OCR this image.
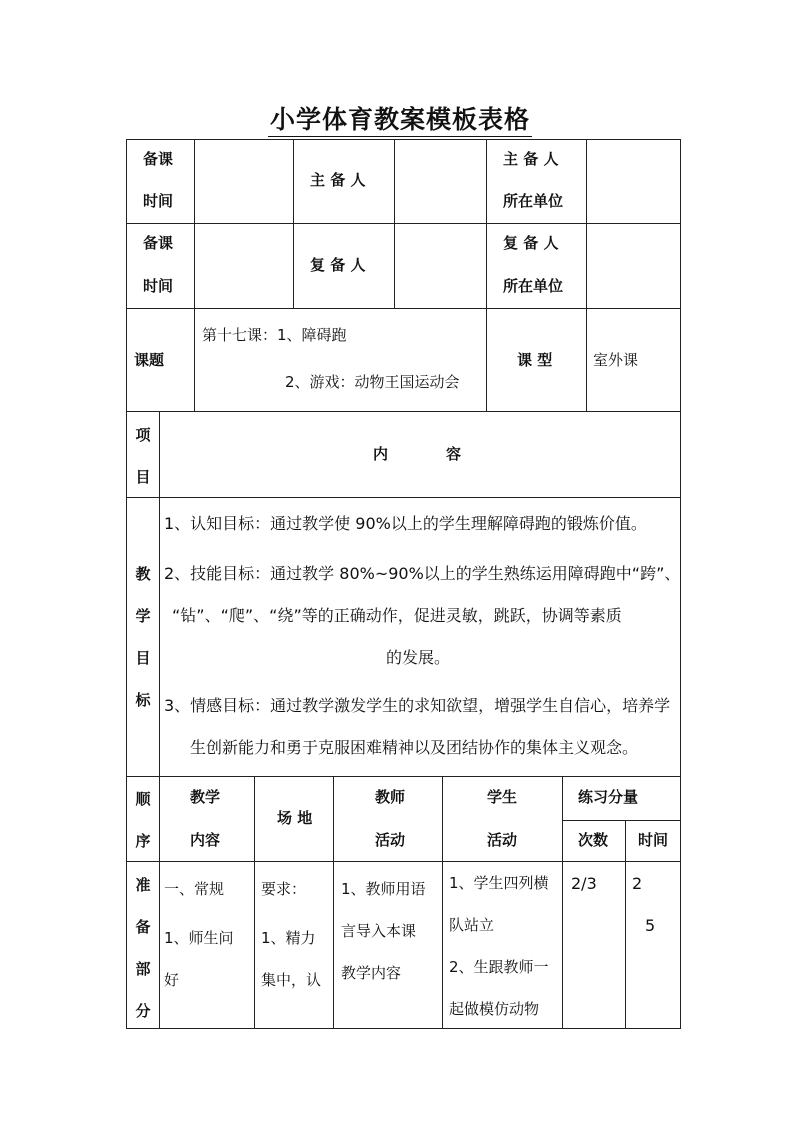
小学体育教案模板表格
备课
时间
主 备 人
主 备 人
所在单位
备课
时间
复 备 人
复 备 人
所在单位
课题
第十七课：1、障碍跑
2、游戏：动物王国运动会
课 型	室外课
项
目
内	容
教
学
目
标
1、认知目标：通过教学使 90%以上的学生理解障碍跑的锻炼价值。
2、技能目标：通过教学 80%~90%以上的学生熟练运用障碍跑中“跨”、
“钻”、“爬”、“绕”等的正确动作，促进灵敏，跳跃，协调等素质
的发展。
3、情感目标：通过教学激发学生的求知欲望，增强学生自信心，培养学
生创新能力和勇于克服困难精神以及团结协作的集体主义观念。
顺
序
教学
内容
场 地
教师
活动
学生
活动
练习分量
次数 时间
准
备
部
分
一、常规
1、师生问
好
要求：
1、精力
集中，认
1、教师用语
言导入本课
教学内容
1、学生四列横
队站立
2、生跟教师一
起做模仿动物
2/3 2
5
